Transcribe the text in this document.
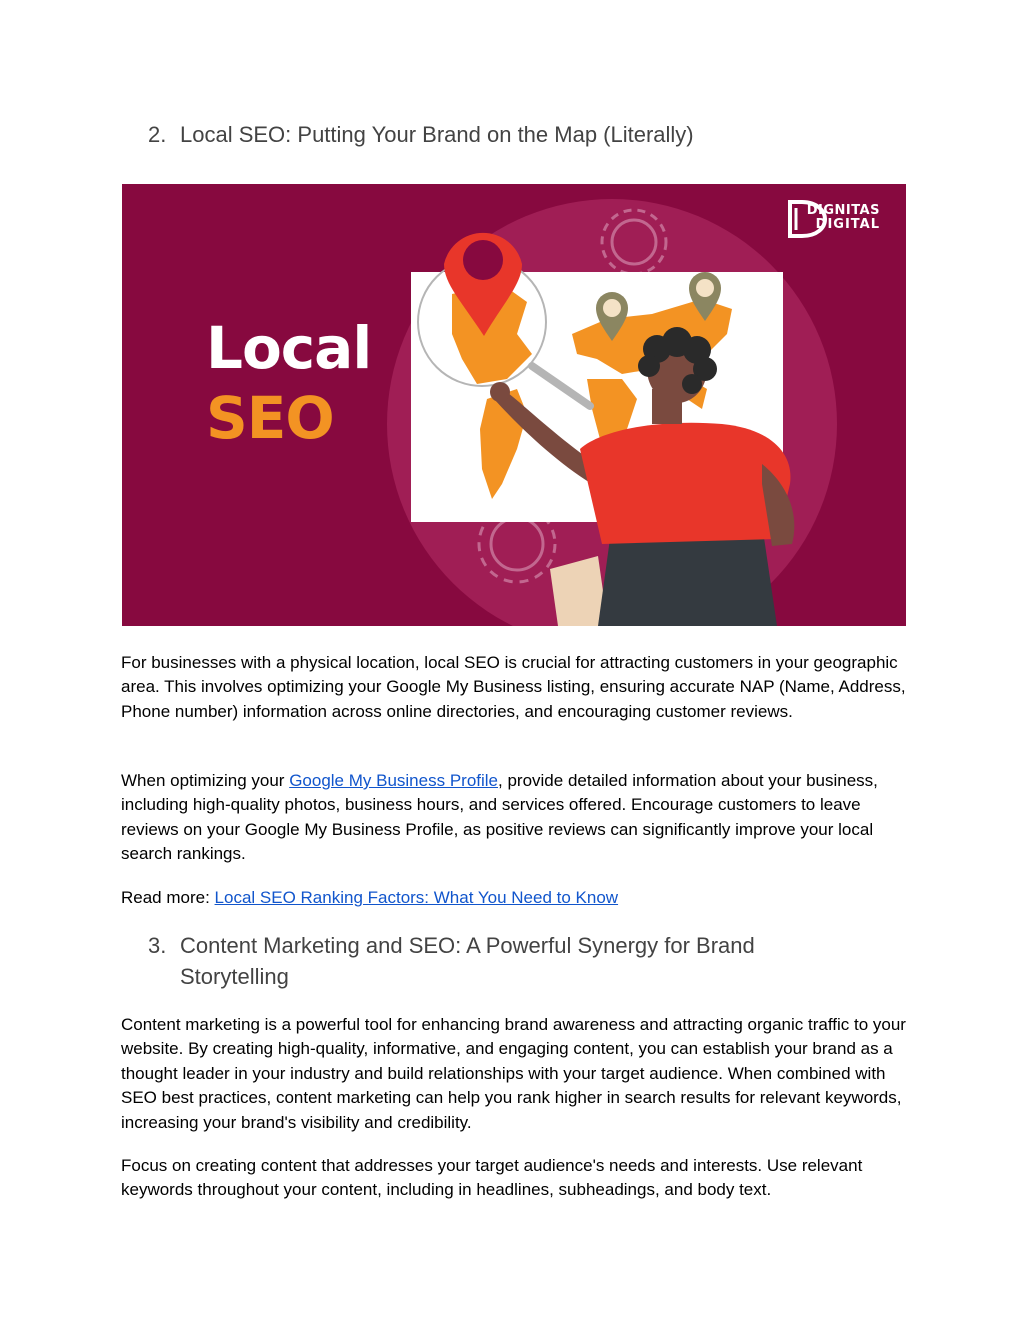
2. Local SEO: Putting Your Brand on the Map (Literally)
Local
SEO
DIGNITAS
DIGITAL

For businesses with a physical location, local SEO is crucial for attracting customers in your geographic area. This involves optimizing your Google My Business listing, ensuring accurate NAP (Name, Address, Phone number) information across online directories, and encouraging customer reviews.

When optimizing your Google My Business Profile, provide detailed information about your business, including high-quality photos, business hours, and services offered. Encourage customers to leave reviews on your Google My Business Profile, as positive reviews can significantly improve your local search rankings.

Read more: Local SEO Ranking Factors: What You Need to Know

3. Content Marketing and SEO: A Powerful Synergy for Brand Storytelling

Content marketing is a powerful tool for enhancing brand awareness and attracting organic traffic to your website. By creating high-quality, informative, and engaging content, you can establish your brand as a thought leader in your industry and build relationships with your target audience. When combined with SEO best practices, content marketing can help you rank higher in search results for relevant keywords, increasing your brand's visibility and credibility.

Focus on creating content that addresses your target audience's needs and interests. Use relevant keywords throughout your content, including in headlines, subheadings, and body text.
